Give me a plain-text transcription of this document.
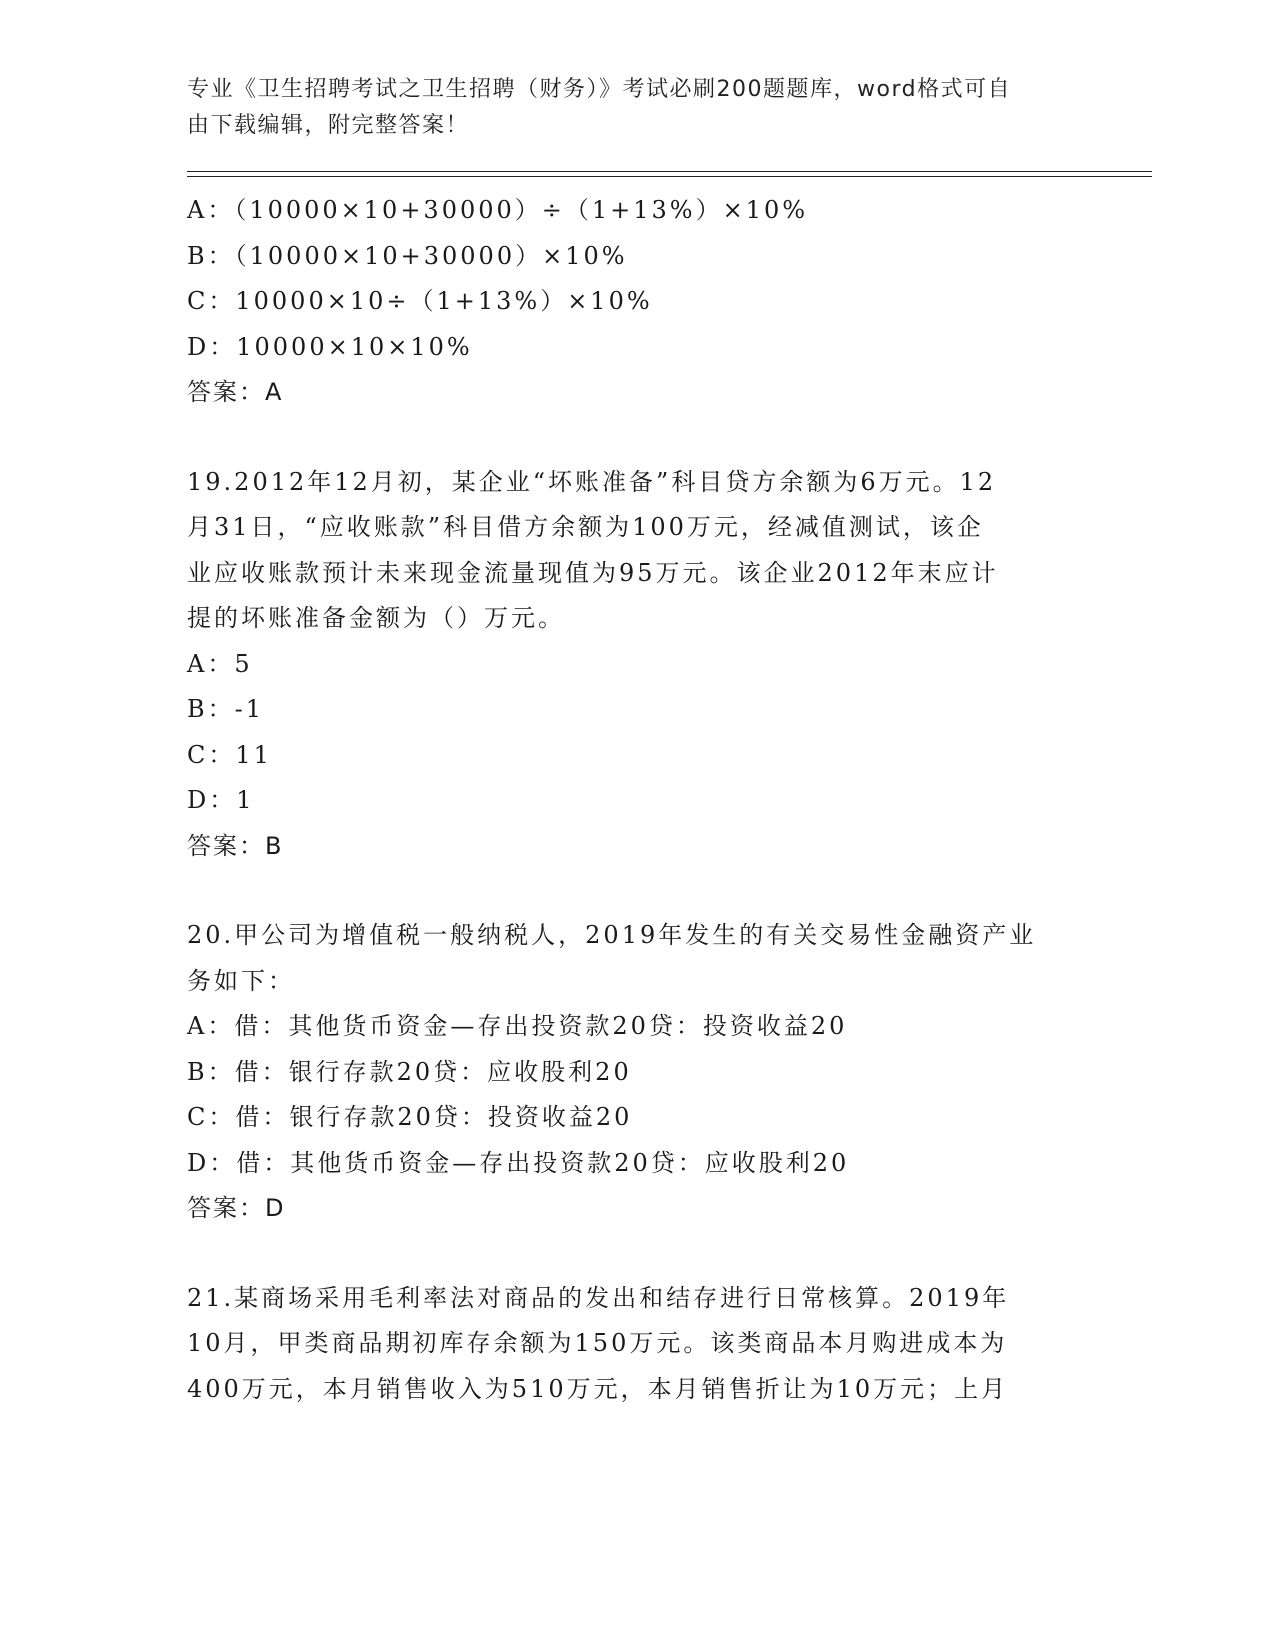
专业《卫生招聘考试之卫生招聘（财务）》考试必刷200题题库，word格式可自
由下载编辑，附完整答案！
A：（10000×10+30000）÷（1+13%）×10%
B：（10000×10+30000）×10%
C：10000×10÷（1+13%）×10%
D：10000×10×10%
答案：A
19.2012年12月初，某企业“坏账准备”科目贷方余额为6万元。12
月31日，“应收账款”科目借方余额为100万元，经减值测试，该企
业应收账款预计未来现金流量现值为95万元。该企业2012年末应计
提的坏账准备金额为（）万元。
A：5
B：-1
C：11
D：1
答案：B
20.甲公司为增值税一般纳税人，2019年发生的有关交易性金融资产业
务如下：
A：借：其他货币资金—存出投资款20贷：投资收益20
B：借：银行存款20贷：应收股利20
C：借：银行存款20贷：投资收益20
D：借：其他货币资金—存出投资款20贷：应收股利20
答案：D
21.某商场采用毛利率法对商品的发出和结存进行日常核算。2019年
10月，甲类商品期初库存余额为150万元。该类商品本月购进成本为
400万元，本月销售收入为510万元，本月销售折让为10万元；上月
